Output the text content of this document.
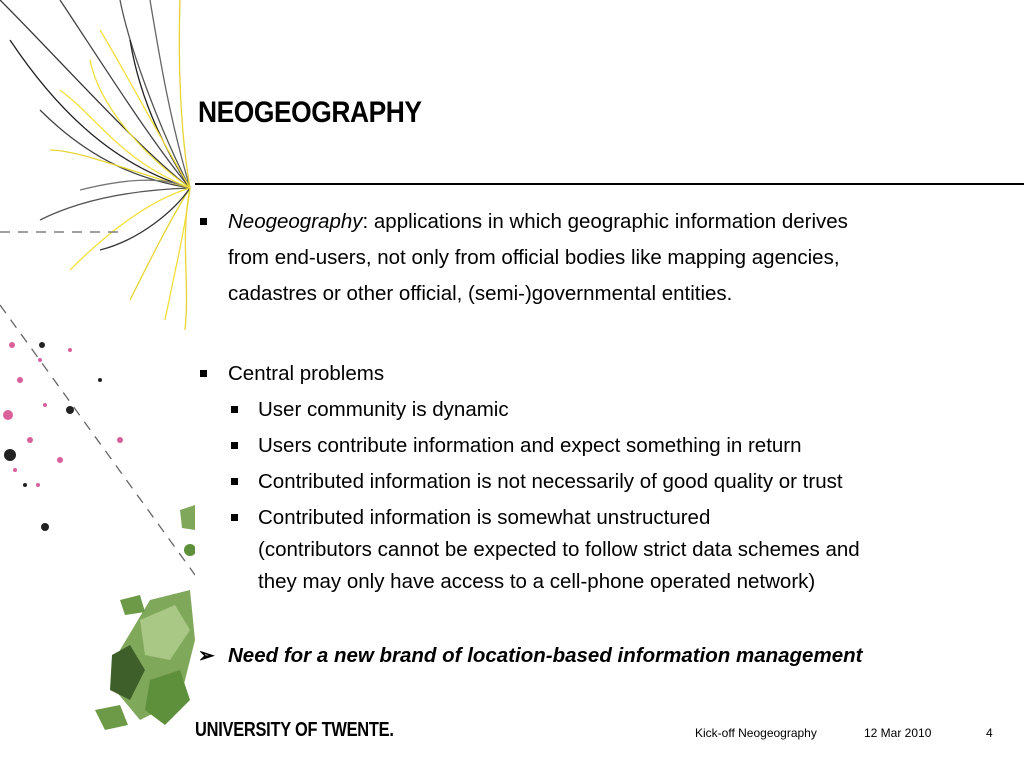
NEOGEOGRAPHY
Neogeography: applications in which geographic information derives
from end-users, not only from official bodies like mapping agencies,
cadastres or other official, (semi-)governmental entities.
Central problems
User community is dynamic
Users contribute information and expect something in return
Contributed information is not necessarily of good quality or trust
Contributed information is somewhat unstructured
(contributors cannot be expected to follow strict data schemes and
they may only have access to a cell-phone operated network)
➢ Need for a new brand of location-based information management
UNIVERSITY OF TWENTE.	Kick-off Neogeography	12 Mar 2010	4
